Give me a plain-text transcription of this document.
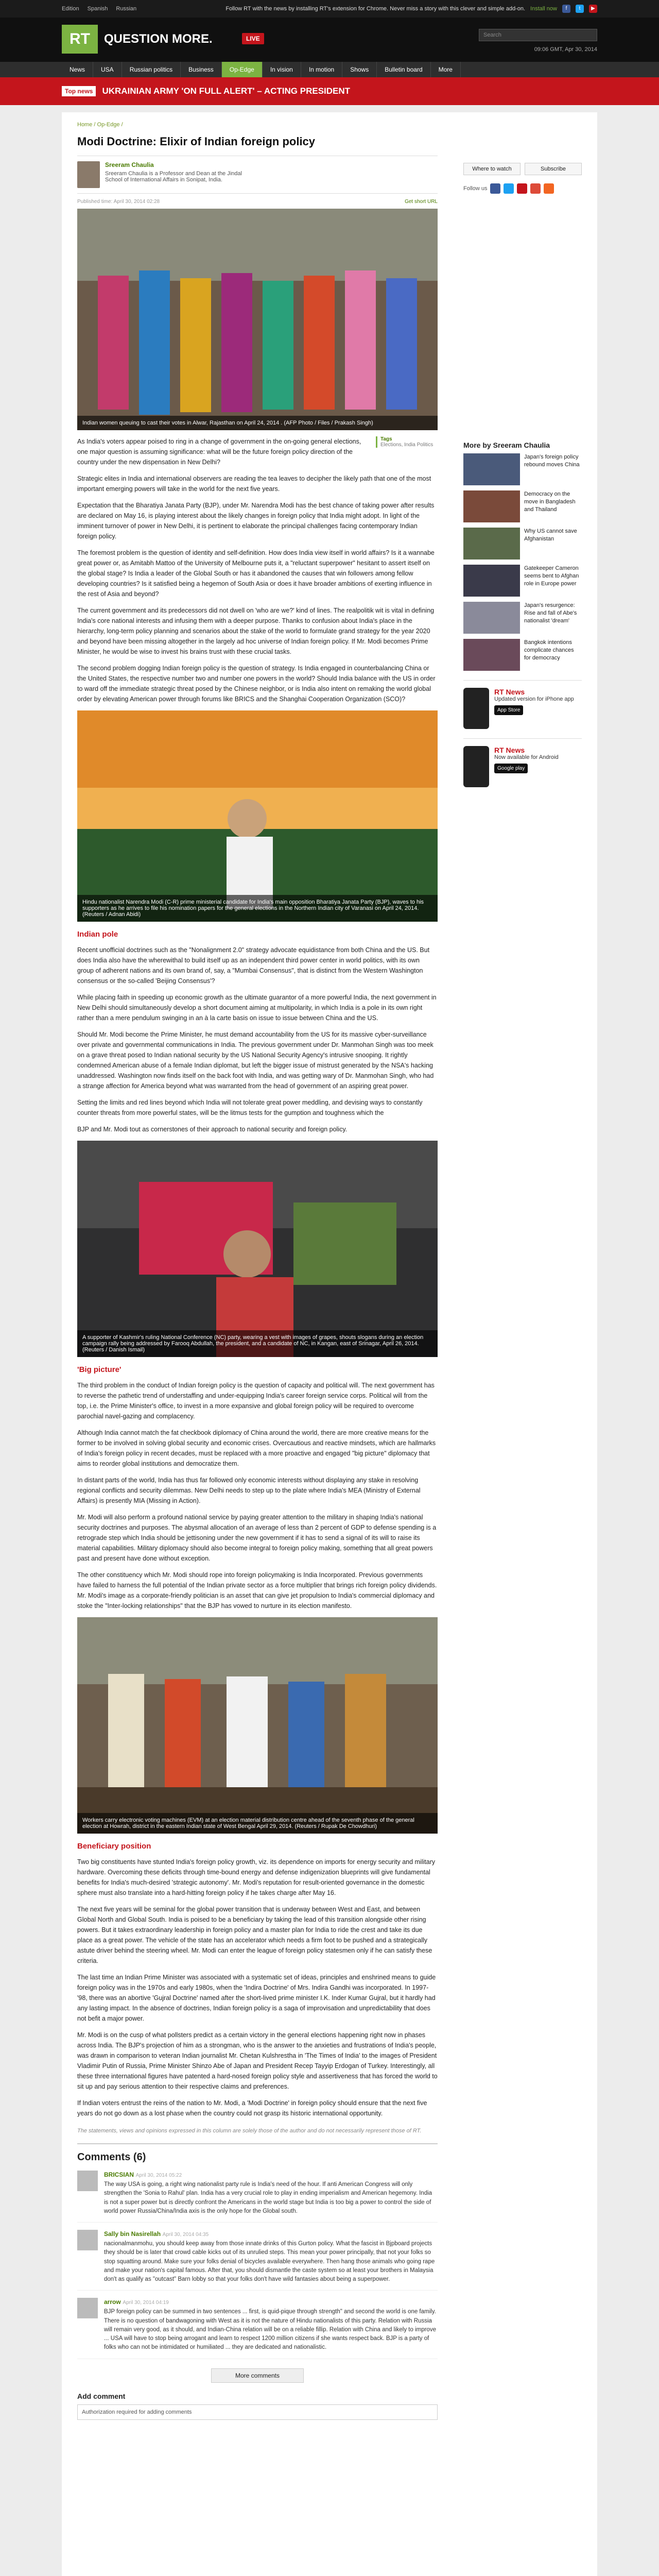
Edition Spanish Russian	Follow RT with the news by installing RT's extension for Chrome. Never miss a story with this clever and simple add-on. Install now	f	t	▶
RT	QUESTION MORE.	LIVE	Search
09:06 GMT, Apr 30, 2014
News	USA	Russian politics	Business	Op-Edge	In vision	In motion	Shows	Bulletin board	More
Top news	UKRAINIAN ARMY 'ON FULL ALERT' – ACTING PRESIDENT
Home / Op-Edge /
Modi Doctrine: Elixir of Indian foreign policy
Sreeram Chaulia
Sreeram Chaulia is a Professor and Dean at the Jindal School of International Affairs in Sonipat, India.
Published time: April 30, 2014 02:28	Get short URL
Indian women queuing to cast their votes in Alwar, Rajasthan on April 24, 2014 . (AFP Photo / Files / Prakash Singh)
Tags
Elections, India Politics

As India's voters appear poised to ring in a change of government in the on-going general elections, one major question is assuming significance: what will be the future foreign policy direction of the country under the new dispensation in New Delhi?

Strategic elites in India and international observers are reading the tea leaves to decipher the likely path that one of the most important emerging powers will take in the world for the next five years.

Expectation that the Bharatiya Janata Party (BJP), under Mr. Narendra Modi has the best chance of taking power after results are declared on May 16, is playing interest about the likely changes in foreign policy that India might adopt. In light of the imminent turnover of power in New Delhi, it is pertinent to elaborate the principal challenges facing contemporary Indian foreign policy.

The foremost problem is the question of identity and self-definition. How does India view itself in world affairs? Is it a wannabe great power or, as Amitabh Mattoo of the University of Melbourne puts it, a "reluctant superpower" hesitant to assert itself on the global stage? Is India a leader of the Global South or has it abandoned the causes that win followers among fellow developing countries? Is it satisfied being a hegemon of South Asia or does it have broader ambitions of exerting influence in the rest of Asia and beyond?

The current government and its predecessors did not dwell on 'who are we?' kind of lines. The realpolitik wit is vital in defining India's core national interests and infusing them with a deeper purpose. Thanks to confusion about India's place in the hierarchy, long-term policy planning and scenarios about the stake of the world to formulate grand strategy for the year 2020 and beyond have been missing altogether in the largely ad hoc universe of Indian foreign policy. If Mr. Modi becomes Prime Minister, he would be wise to invest his brains trust with these crucial tasks.

The second problem dogging Indian foreign policy is the question of strategy. Is India engaged in counterbalancing China or the United States, the respective number two and number one powers in the world? Should India balance with the US in order to ward off the immediate strategic threat posed by the Chinese neighbor, or is India also intent on remaking the world global order by elevating American power through forums like BRICS and the Shanghai Cooperation Organization (SCO)?

Hindu nationalist Narendra Modi (C-R) prime ministerial candidate for India's main opposition Bharatiya Janata Party (BJP), waves to his supporters as he arrives to file his nomination papers for the general elections in the Northern Indian city of Varanasi on April 24, 2014. (Reuters / Adnan Abidi)
Indian pole

Recent unofficial doctrines such as the "Nonalignment 2.0" strategy advocate equidistance from both China and the US. But does India also have the wherewithal to build itself up as an independent third power center in world politics, with its own group of adherent nations and its own brand of, say, a "Mumbai Consensus", that is distinct from the Western Washington consensus or the so-called 'Beijing Consensus'?

While placing faith in speeding up economic growth as the ultimate guarantor of a more powerful India, the next government in New Delhi should simultaneously develop a short document aiming at multipolarity, in which India is a pole in its own right rather than a mere pendulum swinging in an à la carte basis on issue to issue between China and the US.

Should Mr. Modi become the Prime Minister, he must demand accountability from the US for its massive cyber-surveillance over private and governmental communications in India. The previous government under Dr. Manmohan Singh was too meek on a grave threat posed to Indian national security by the US National Security Agency's intrusive snooping. It rightly condemned American abuse of a female Indian diplomat, but left the bigger issue of mistrust generated by the NSA's hacking unaddressed. Washington now finds itself on the back foot with India, and was getting wary of Dr. Manmohan Singh, who had a strange affection for America beyond what was warranted from the head of government of an aspiring great power.

Setting the limits and red lines beyond which India will not tolerate great power meddling, and devising ways to constantly counter threats from more powerful states, will be the litmus tests for the gumption and toughness which the

BJP and Mr. Modi tout as cornerstones of their approach to national security and foreign policy.

A supporter of Kashmir's ruling National Conference (NC) party, wearing a vest with images of grapes, shouts slogans during an election campaign rally being addressed by Farooq Abdullah, the president, and a candidate of NC, in Kangan, east of Srinagar, April 26, 2014. (Reuters / Danish Ismail)
'Big picture'

The third problem in the conduct of Indian foreign policy is the question of capacity and political will. The next government has to reverse the pathetic trend of understaffing and under-equipping India's career foreign service corps. Political will from the top, i.e. the Prime Minister's office, to invest in a more expansive and global foreign policy will be required to overcome parochial navel-gazing and complacency.

Although India cannot match the fat checkbook diplomacy of China around the world, there are more creative means for the former to be involved in solving global security and economic crises. Overcautious and reactive mindsets, which are hallmarks of India's foreign policy in recent decades, must be replaced with a more proactive and engaged "big picture" diplomacy that aims to reorder global institutions and democratize them.

In distant parts of the world, India has thus far followed only economic interests without displaying any stake in resolving regional conflicts and security dilemmas. New Delhi needs to step up to the plate where India's MEA (Ministry of External Affairs) is presently MIA (Missing in Action).

Mr. Modi will also perform a profound national service by paying greater attention to the military in shaping India's national security doctrines and purposes. The abysmal allocation of an average of less than 2 percent of GDP to defense spending is a retrograde step which India should be jettisoning under the new government if it has to send a signal of its will to raise its material capabilities. Military diplomacy should also become integral to foreign policy making, something that all great powers past and present have done without exception.

The other constituency which Mr. Modi should rope into foreign policymaking is India Incorporated. Previous governments have failed to harness the full potential of the Indian private sector as a force multiplier that brings rich foreign policy dividends. Mr. Modi's image as a corporate-friendly politician is an asset that can give jet propulsion to India's commercial diplomacy and stoke the "Inter-locking relationships" that the BJP has vowed to nurture in its election manifesto.

Workers carry electronic voting machines (EVM) at an election material distribution centre ahead of the seventh phase of the general election at Howrah, district in the eastern Indian state of West Bengal April 29, 2014. (Reuters / Rupak De Chowdhuri)
Beneficiary position

Two big constituents have stunted India's foreign policy growth, viz. its dependence on imports for energy security and military hardware. Overcoming these deficits through time-bound energy and defense indigenization blueprints will give fundamental benefits for India's much-desired 'strategic autonomy'. Mr. Modi's reputation for result-oriented governance in the domestic sphere must also translate into a hard-hitting foreign policy if he takes charge after May 16.

The next five years will be seminal for the global power transition that is underway between West and East, and between Global North and Global South. India is poised to be a beneficiary by taking the lead of this transition alongside other rising powers. But it takes extraordinary leadership in foreign policy and a master plan for India to ride the crest and take its due place as a great power. The vehicle of the state has an accelerator which needs a firm foot to be pushed and a strategically astute driver behind the steering wheel. Mr. Modi can enter the league of foreign policy statesmen only if he can satisfy these criteria.

The last time an Indian Prime Minister was associated with a systematic set of ideas, principles and enshrined means to guide foreign policy was in the 1970s and early 1980s, when the 'Indira Doctrine' of Mrs. Indira Gandhi was incorporated. In 1997-'98, there was an abortive 'Gujral Doctrine' named after the short-lived prime minister I.K. Inder Kumar Gujral, but it hardly had any lasting impact. In the absence of doctrines, Indian foreign policy is a saga of improvisation and unpredictability that does not befit a major power.

Mr. Modi is on the cusp of what pollsters predict as a certain victory in the general elections happening right now in phases across India. The BJP's projection of him as a strongman, who is the answer to the anxieties and frustrations of India's people, was drawn in comparison to veteran Indian journalist Mr. Chetan Kulshrestha in 'The Times of India' to the images of President Vladimir Putin of Russia, Prime Minister Shinzo Abe of Japan and President Recep Tayyip Erdogan of Turkey. Interestingly, all these three international figures have patented a hard-nosed foreign policy style and assertiveness that has forced the world to sit up and pay serious attention to their respective claims and preferences.

If Indian voters entrust the reins of the nation to Mr. Modi, a 'Modi Doctrine' in foreign policy should ensure that the next five years do not go down as a lost phase when the country could not grasp its historic international opportunity.

The statements, views and opinions expressed in this column are solely those of the author and do not necessarily represent those of RT.
Comments (6)
BRICSIAN April 30, 2014 05:22
The way USA is going, a right wing nationalist party rule is India's need of the hour. If anti American Congress will only strengthen the 'Sonia to Rahul' plan. India has a very crucial role to play in ending imperialism and American hegemony. India is not a super power but is directly confront the Americans in the world stage but India is too big a power to control the side of world power Russia/China/India axis is the only hope for the Global south.
Sally bin Nasirellah April 30, 2014 04:35
nacionalmanmohu, you should keep away from those innate drinks of this Gurton policy. What the fascist in Bjpboard projects they should be is later that crowd cable kicks out of its unrulied steps. This mean your power principally, that not your folks so stop squatting around. Make sure your folks denial of bicycles available everywhere. Then hang those animals who going rape and make your nation's capital famous. After that, you should dismantle the caste system so at least your brothers in Malaysia don't as qualify as "outcast" Barn lobby so that your folks don't have wild fantasies about being a superpower.
arrow April 30, 2014 04:19
BJP foreign policy can be summed in two sentences ... first, is quid-pique through strength" and second the world is one family. There is no question of bandwagoning with West as it is not the nature of Hindu nationalists of this party. Relation with Russia will remain very good, as it should, and Indian-China relation will be on a reliable fillip. Relation with China and likely to improve ... USA will have to stop being arrogant and learn to respect 1200 million citizens if she wants respect back. BJP is a party of folks who can not be intimidated or humiliated ... they are dedicated and nationalistic.
More comments
Add comment
Authorization required for adding comments
Where to watch	Subscribe
Follow us
More by Sreeram Chaulia
Japan's foreign policy rebound moves China
Democracy on the move in Bangladesh and Thailand
Why US cannot save Afghanistan
Gatekeeper Cameron seems bent to Afghan role in Europe power
Japan's resurgence: Rise and fall of Abe's nationalist 'dream'
Bangkok intentions complicate chances for democracy
RT News
Updated version for iPhone app
App Store
RT News
Now available for Android
Google play
